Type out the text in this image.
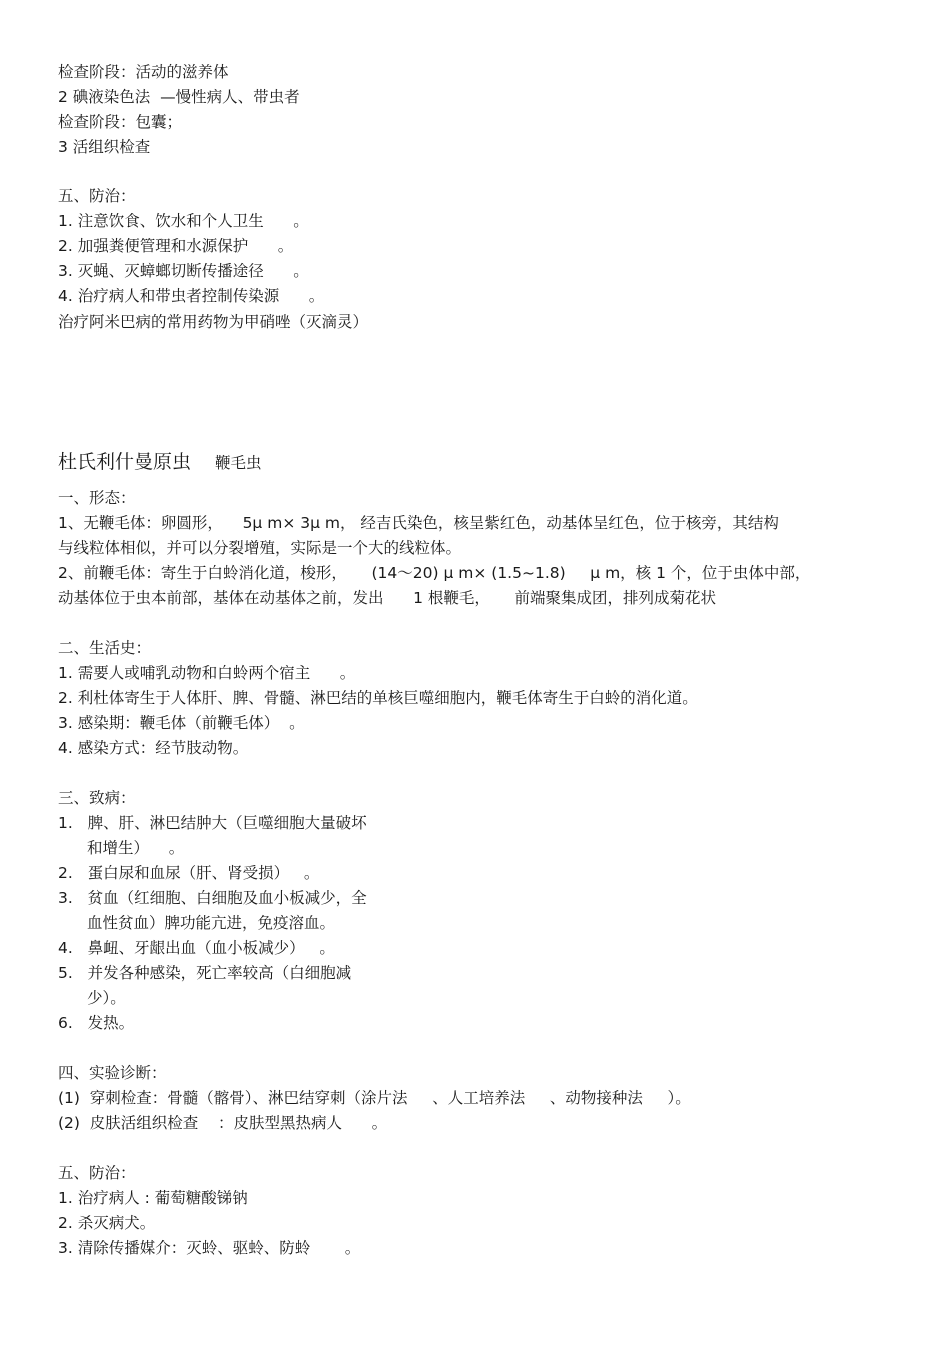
检查阶段：活动的滋养体
2 碘液染色法  —慢性病人、带虫者
检查阶段：包囊；
3 活组织检查
五、防治：
1. 注意饮食、饮水和个人卫生      。
2. 加强粪便管理和水源保护      。
3. 灭蝇、灭蟑螂切断传播途径      。
4. 治疗病人和带虫者控制传染源      。
治疗阿米巴病的常用药物为甲硝唑（灭滴灵）
杜氏利什曼原虫 鞭毛虫
一、形态：
1、无鞭毛体：卵圆形，    5μ m× 3μ m， 经吉氏染色，核呈紫红色，动基体呈红色，位于核旁，其结构
与线粒体相似，并可以分裂增殖，实际是一个大的线粒体。
2、前鞭毛体：寄生于白蛉消化道，梭形，     (14～20) μ m× (1.5~1.8)     μ m，核 1 个，位于虫体中部，
动基体位于虫本前部，基体在动基体之前，发出      1 根鞭毛，     前端聚集成团，排列成菊花状
二、生活史：
1. 需要人或哺乳动物和白蛉两个宿主      。
2. 利杜体寄生于人体肝、脾、骨髓、淋巴结的单核巨噬细胞内，鞭毛体寄生于白蛉的消化道。
3. 感染期：鞭毛体（前鞭毛体）  。
4. 感染方式：经节肢动物。
三、致病：
1.   脾、肝、淋巴结肿大（巨噬细胞大量破坏
和增生）    。
2.   蛋白尿和血尿（肝、肾受损）   。
3.   贫血（红细胞、白细胞及血小板减少，全
血性贫血）脾功能亢进，免疫溶血。
4.   鼻衄、牙龈出血（血小板减少）   。
5.   并发各种感染，死亡率较高（白细胞减
少）。
6.   发热。
四、实验诊断：
(1)  穿刺检查：骨髓（髂骨）、淋巴结穿刺（涂片法     、人工培养法     、动物接种法     ）。
(2)  皮肤活组织检查    ：皮肤型黑热病人      。
五、防治：
1. 治疗病人 : 葡萄糖酸锑钠
2. 杀灭病犬。
3. 清除传播媒介：灭蛉、驱蛉、防蛉       。
